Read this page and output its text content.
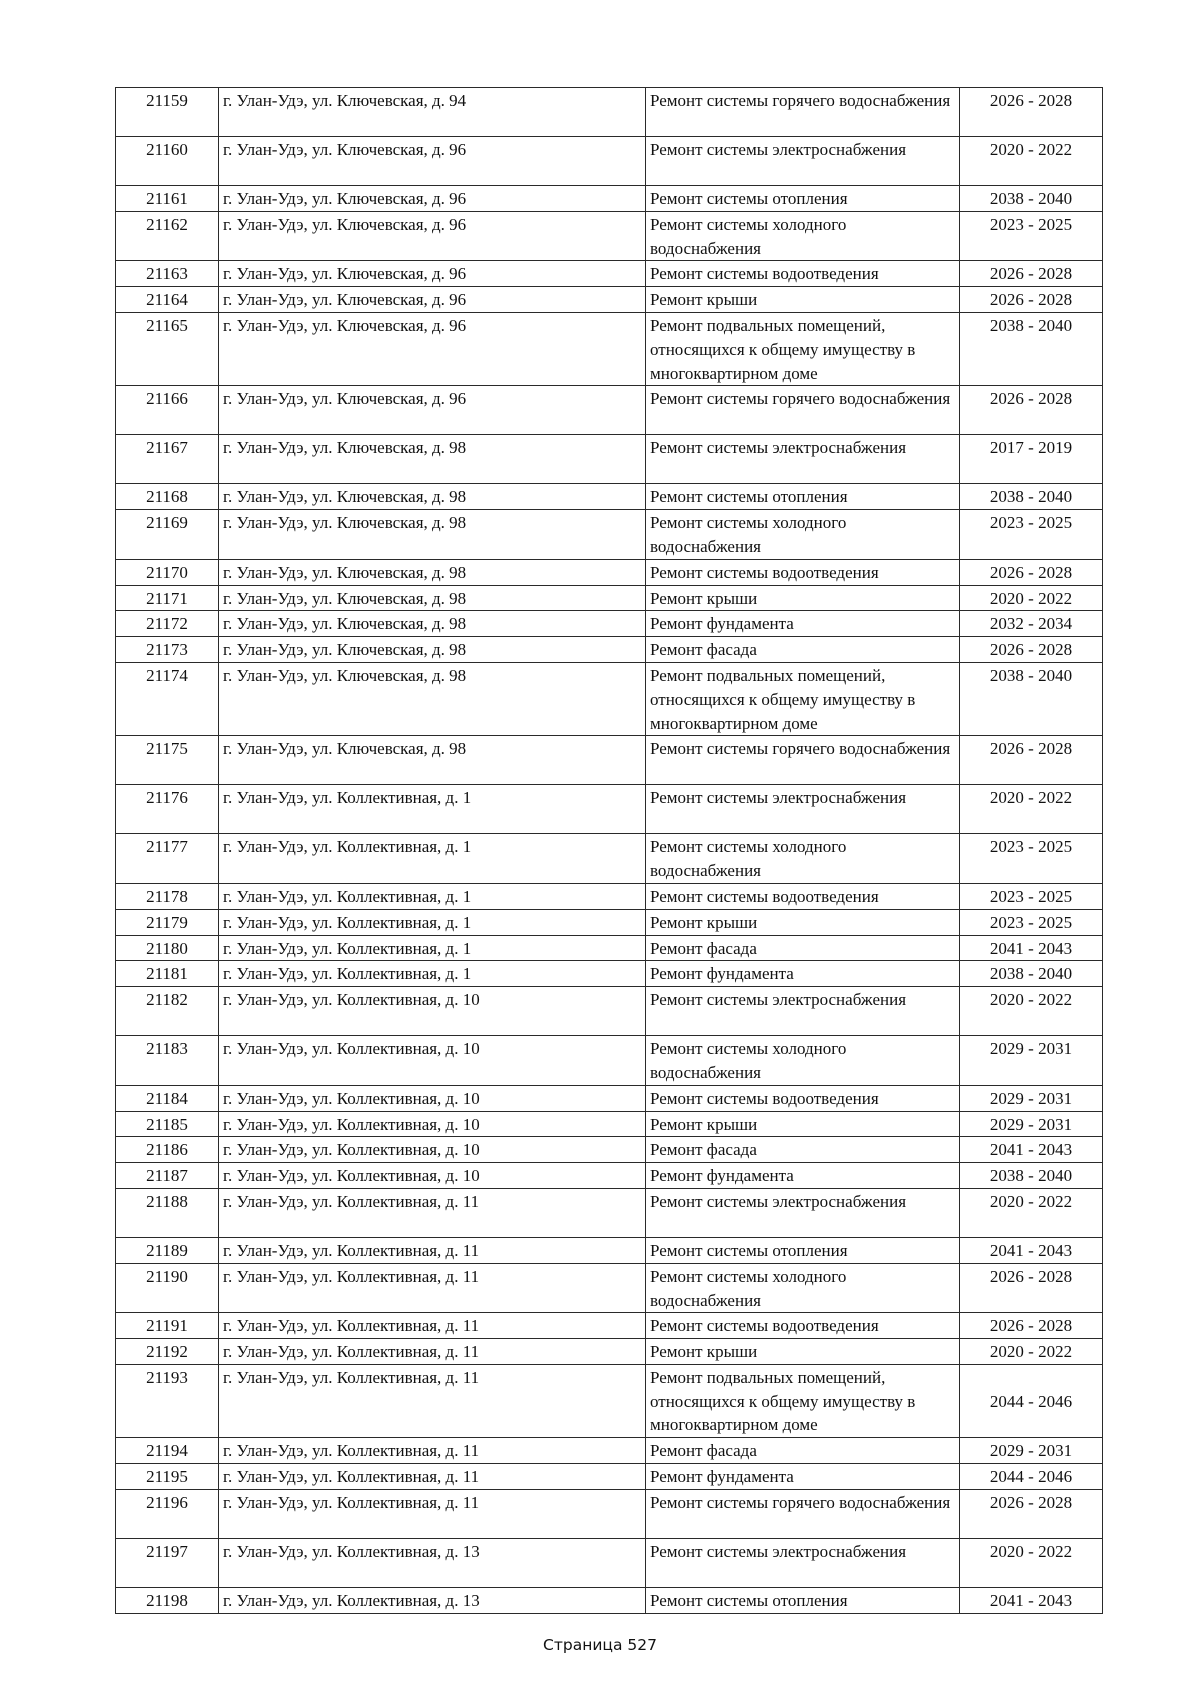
21159	г. Улан-Удэ, ул. Ключевская, д. 94	Ремонт системы горячего водоснабжения	2026 - 2028
21160	г. Улан-Удэ, ул. Ключевская, д. 96	Ремонт системы электроснабжения	2020 - 2022
21161	г. Улан-Удэ, ул. Ключевская, д. 96	Ремонт системы отопления	2038 - 2040
21162	г. Улан-Удэ, ул. Ключевская, д. 96	Ремонт системы холодного водоснабжения	2023 - 2025
21163	г. Улан-Удэ, ул. Ключевская, д. 96	Ремонт системы водоотведения	2026 - 2028
21164	г. Улан-Удэ, ул. Ключевская, д. 96	Ремонт крыши	2026 - 2028
21165	г. Улан-Удэ, ул. Ключевская, д. 96	Ремонт подвальных помещений, относящихся к общему имуществу в многоквартирном доме	2038 - 2040
21166	г. Улан-Удэ, ул. Ключевская, д. 96	Ремонт системы горячего водоснабжения	2026 - 2028
21167	г. Улан-Удэ, ул. Ключевская, д. 98	Ремонт системы электроснабжения	2017 - 2019
21168	г. Улан-Удэ, ул. Ключевская, д. 98	Ремонт системы отопления	2038 - 2040
21169	г. Улан-Удэ, ул. Ключевская, д. 98	Ремонт системы холодного водоснабжения	2023 - 2025
21170	г. Улан-Удэ, ул. Ключевская, д. 98	Ремонт системы водоотведения	2026 - 2028
21171	г. Улан-Удэ, ул. Ключевская, д. 98	Ремонт крыши	2020 - 2022
21172	г. Улан-Удэ, ул. Ключевская, д. 98	Ремонт фундамента	2032 - 2034
21173	г. Улан-Удэ, ул. Ключевская, д. 98	Ремонт фасада	2026 - 2028
21174	г. Улан-Удэ, ул. Ключевская, д. 98	Ремонт подвальных помещений, относящихся к общему имуществу в многоквартирном доме	2038 - 2040
21175	г. Улан-Удэ, ул. Ключевская, д. 98	Ремонт системы горячего водоснабжения	2026 - 2028
21176	г. Улан-Удэ, ул. Коллективная, д. 1	Ремонт системы электроснабжения	2020 - 2022
21177	г. Улан-Удэ, ул. Коллективная, д. 1	Ремонт системы холодного водоснабжения	2023 - 2025
21178	г. Улан-Удэ, ул. Коллективная, д. 1	Ремонт системы водоотведения	2023 - 2025
21179	г. Улан-Удэ, ул. Коллективная, д. 1	Ремонт крыши	2023 - 2025
21180	г. Улан-Удэ, ул. Коллективная, д. 1	Ремонт фасада	2041 - 2043
21181	г. Улан-Удэ, ул. Коллективная, д. 1	Ремонт фундамента	2038 - 2040
21182	г. Улан-Удэ, ул. Коллективная, д. 10	Ремонт системы электроснабжения	2020 - 2022
21183	г. Улан-Удэ, ул. Коллективная, д. 10	Ремонт системы холодного водоснабжения	2029 - 2031
21184	г. Улан-Удэ, ул. Коллективная, д. 10	Ремонт системы водоотведения	2029 - 2031
21185	г. Улан-Удэ, ул. Коллективная, д. 10	Ремонт крыши	2029 - 2031
21186	г. Улан-Удэ, ул. Коллективная, д. 10	Ремонт фасада	2041 - 2043
21187	г. Улан-Удэ, ул. Коллективная, д. 10	Ремонт фундамента	2038 - 2040
21188	г. Улан-Удэ, ул. Коллективная, д. 11	Ремонт системы электроснабжения	2020 - 2022
21189	г. Улан-Удэ, ул. Коллективная, д. 11	Ремонт системы отопления	2041 - 2043
21190	г. Улан-Удэ, ул. Коллективная, д. 11	Ремонт системы холодного водоснабжения	2026 - 2028
21191	г. Улан-Удэ, ул. Коллективная, д. 11	Ремонт системы водоотведения	2026 - 2028
21192	г. Улан-Удэ, ул. Коллективная, д. 11	Ремонт крыши	2020 - 2022
21193	г. Улан-Удэ, ул. Коллективная, д. 11	Ремонт подвальных помещений, относящихся к общему имуществу в многоквартирном доме	2044 - 2046
21194	г. Улан-Удэ, ул. Коллективная, д. 11	Ремонт фасада	2029 - 2031
21195	г. Улан-Удэ, ул. Коллективная, д. 11	Ремонт фундамента	2044 - 2046
21196	г. Улан-Удэ, ул. Коллективная, д. 11	Ремонт системы горячего водоснабжения	2026 - 2028
21197	г. Улан-Удэ, ул. Коллективная, д. 13	Ремонт системы электроснабжения	2020 - 2022
21198	г. Улан-Удэ, ул. Коллективная, д. 13	Ремонт системы отопления	2041 - 2043
Страница 527
